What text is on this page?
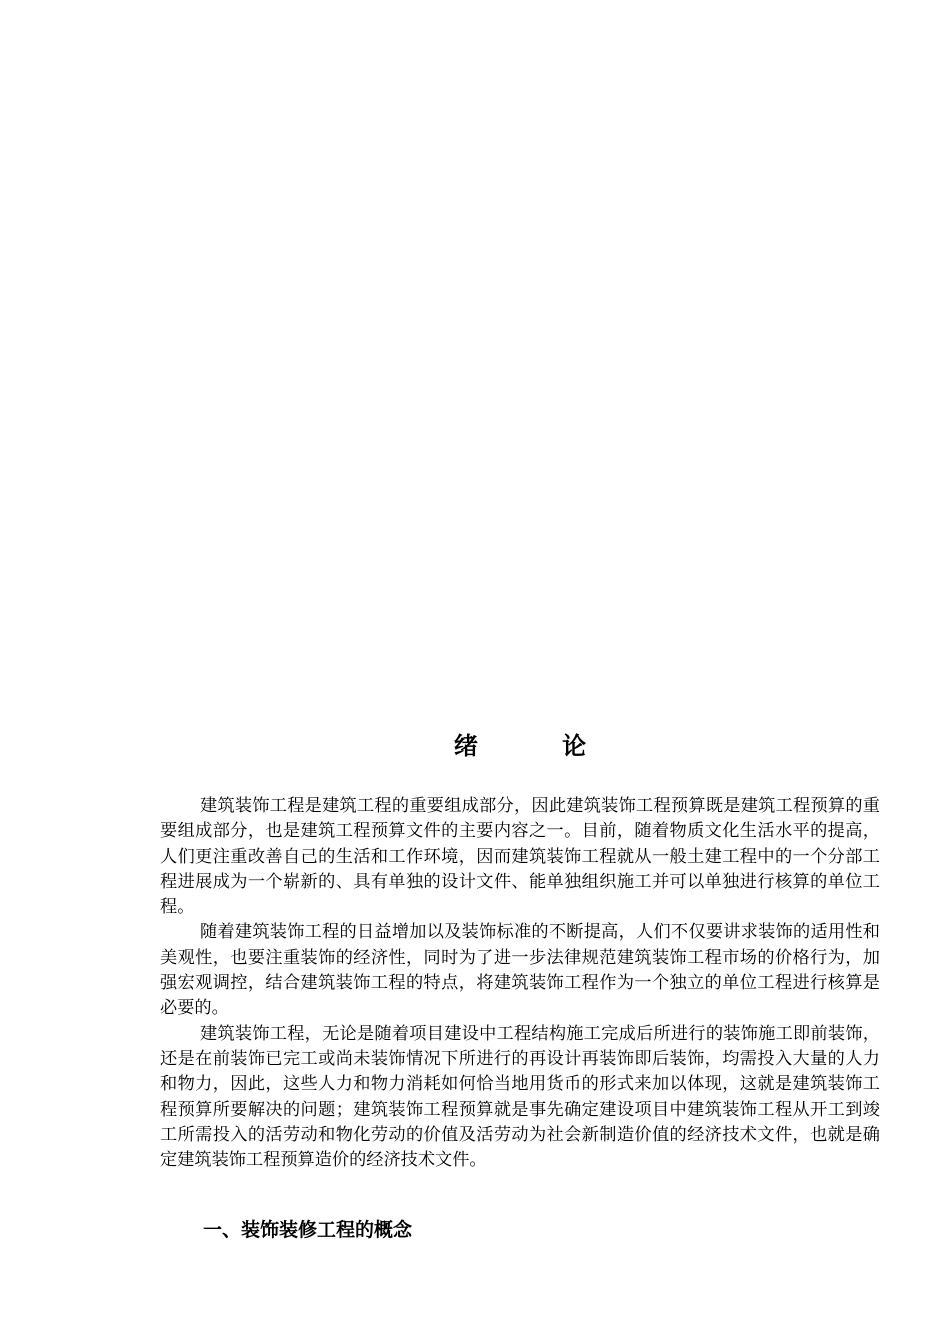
绪 论

建筑装饰工程是建筑工程的重要组成部分，因此建筑装饰工程预算既是建筑工程预算的重要组成部分，也是建筑工程预算文件的主要内容之一。目前，随着物质文化生活水平的提高，人们更注重改善自己的生活和工作环境，因而建筑装饰工程就从一般土建工程中的一个分部工程进展成为一个崭新的、具有单独的设计文件、能单独组织施工并可以单独进行核算的单位工程。

随着建筑装饰工程的日益增加以及装饰标准的不断提高，人们不仅要讲求装饰的适用性和美观性，也要注重装饰的经济性，同时为了进一步法律规范建筑装饰工程市场的价格行为，加强宏观调控，结合建筑装饰工程的特点，将建筑装饰工程作为一个独立的单位工程进行核算是必要的。

建筑装饰工程，无论是随着项目建设中工程结构施工完成后所进行的装饰施工即前装饰，还是在前装饰已完工或尚未装饰情况下所进行的再设计再装饰即后装饰，均需投入大量的人力和物力，因此，这些人力和物力消耗如何恰当地用货币的形式来加以体现，这就是建筑装饰工程预算所要解决的问题；建筑装饰工程预算就是事先确定建设项目中建筑装饰工程从开工到竣工所需投入的活劳动和物化劳动的价值及活劳动为社会新制造价值的经济技术文件，也就是确定建筑装饰工程预算造价的经济技术文件。

一、装饰装修工程的概念
